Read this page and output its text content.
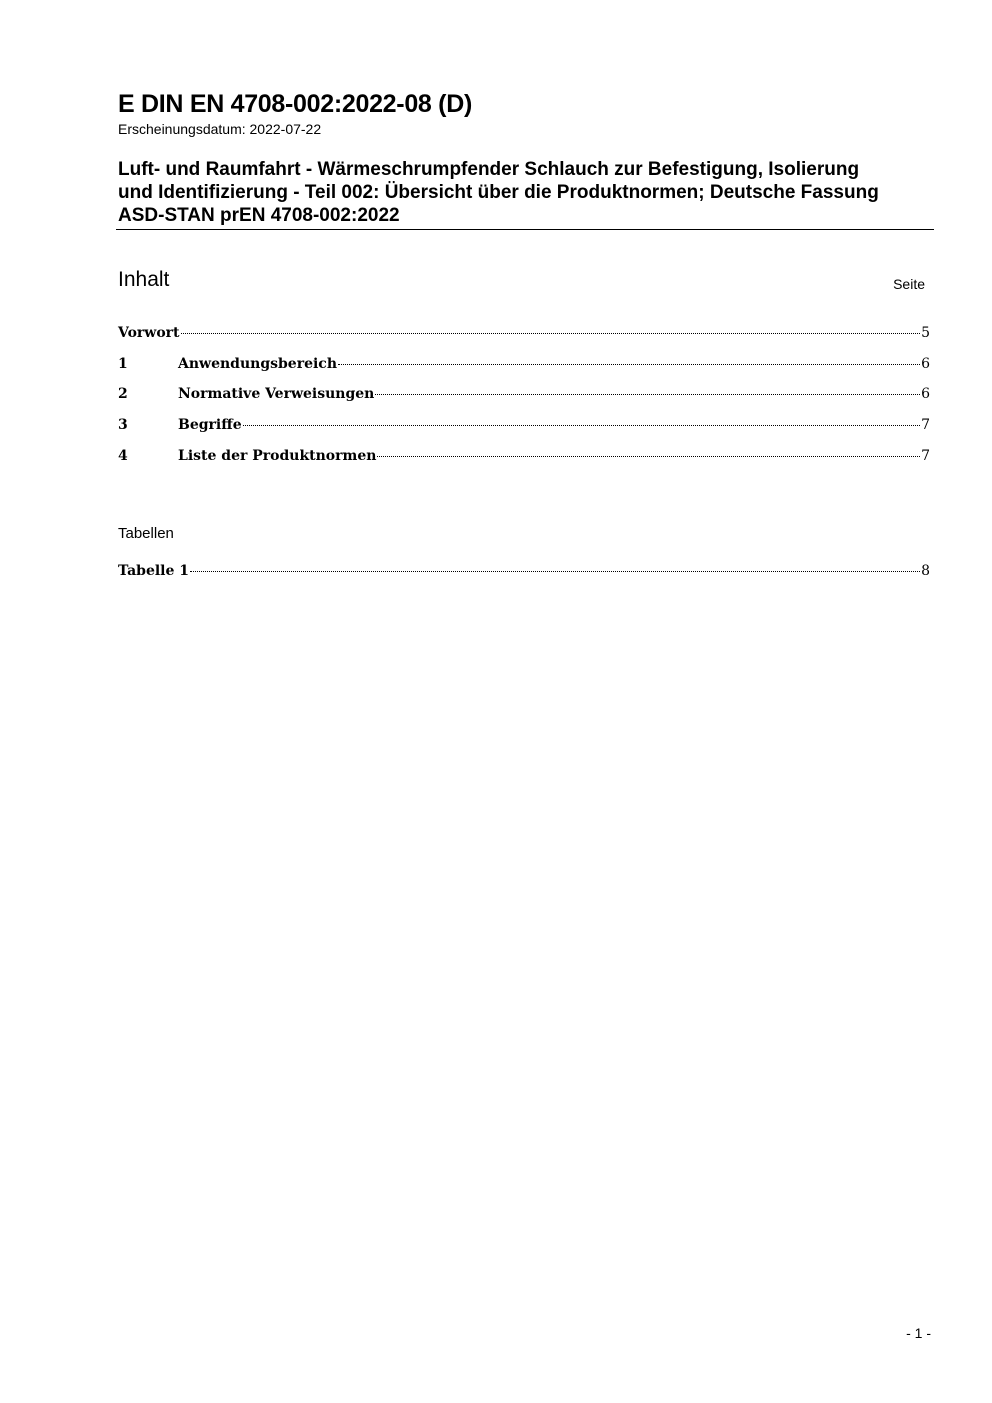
E DIN EN 4708-002:2022-08 (D)
Erscheinungsdatum: 2022-07-22
Luft- und Raumfahrt - Wärmeschrumpfender Schlauch zur Befestigung, Isolierung
und Identifizierung - Teil 002: Übersicht über die Produktnormen; Deutsche Fassung
ASD-STAN prEN 4708-002:2022
Inhalt	Seite
Vorwort	5
1	Anwendungsbereich	6
2	Normative Verweisungen	6
3	Begriffe	7
4	Liste der Produktnormen	7
Tabellen
Tabelle 1	8
- 1 -
